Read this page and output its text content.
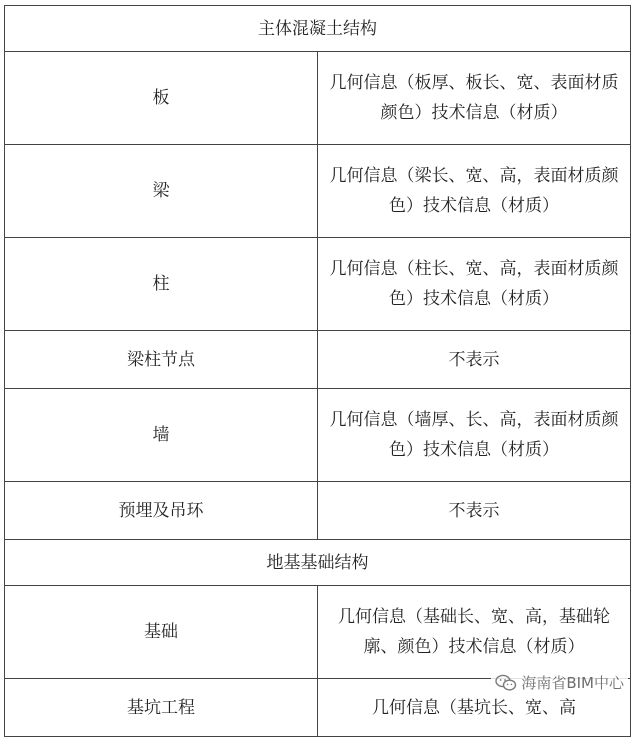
主体混凝土结构	
板	几何信息（板厚、板长、宽、表面材质颜色）技术信息（材质）
梁	几何信息（梁长、宽、高，表面材质颜色）技术信息（材质）
柱	几何信息（柱长、宽、高，表面材质颜色）技术信息（材质）
梁柱节点	不表示
墙	几何信息（墙厚、长、高，表面材质颜色）技术信息（材质）
预埋及吊环	不表示
地基基础结构	
基础	几何信息（基础长、宽、高，基础轮廓、颜色）技术信息（材质）
基坑工程	几何信息（基坑长、宽、高
海南省BIM中心
